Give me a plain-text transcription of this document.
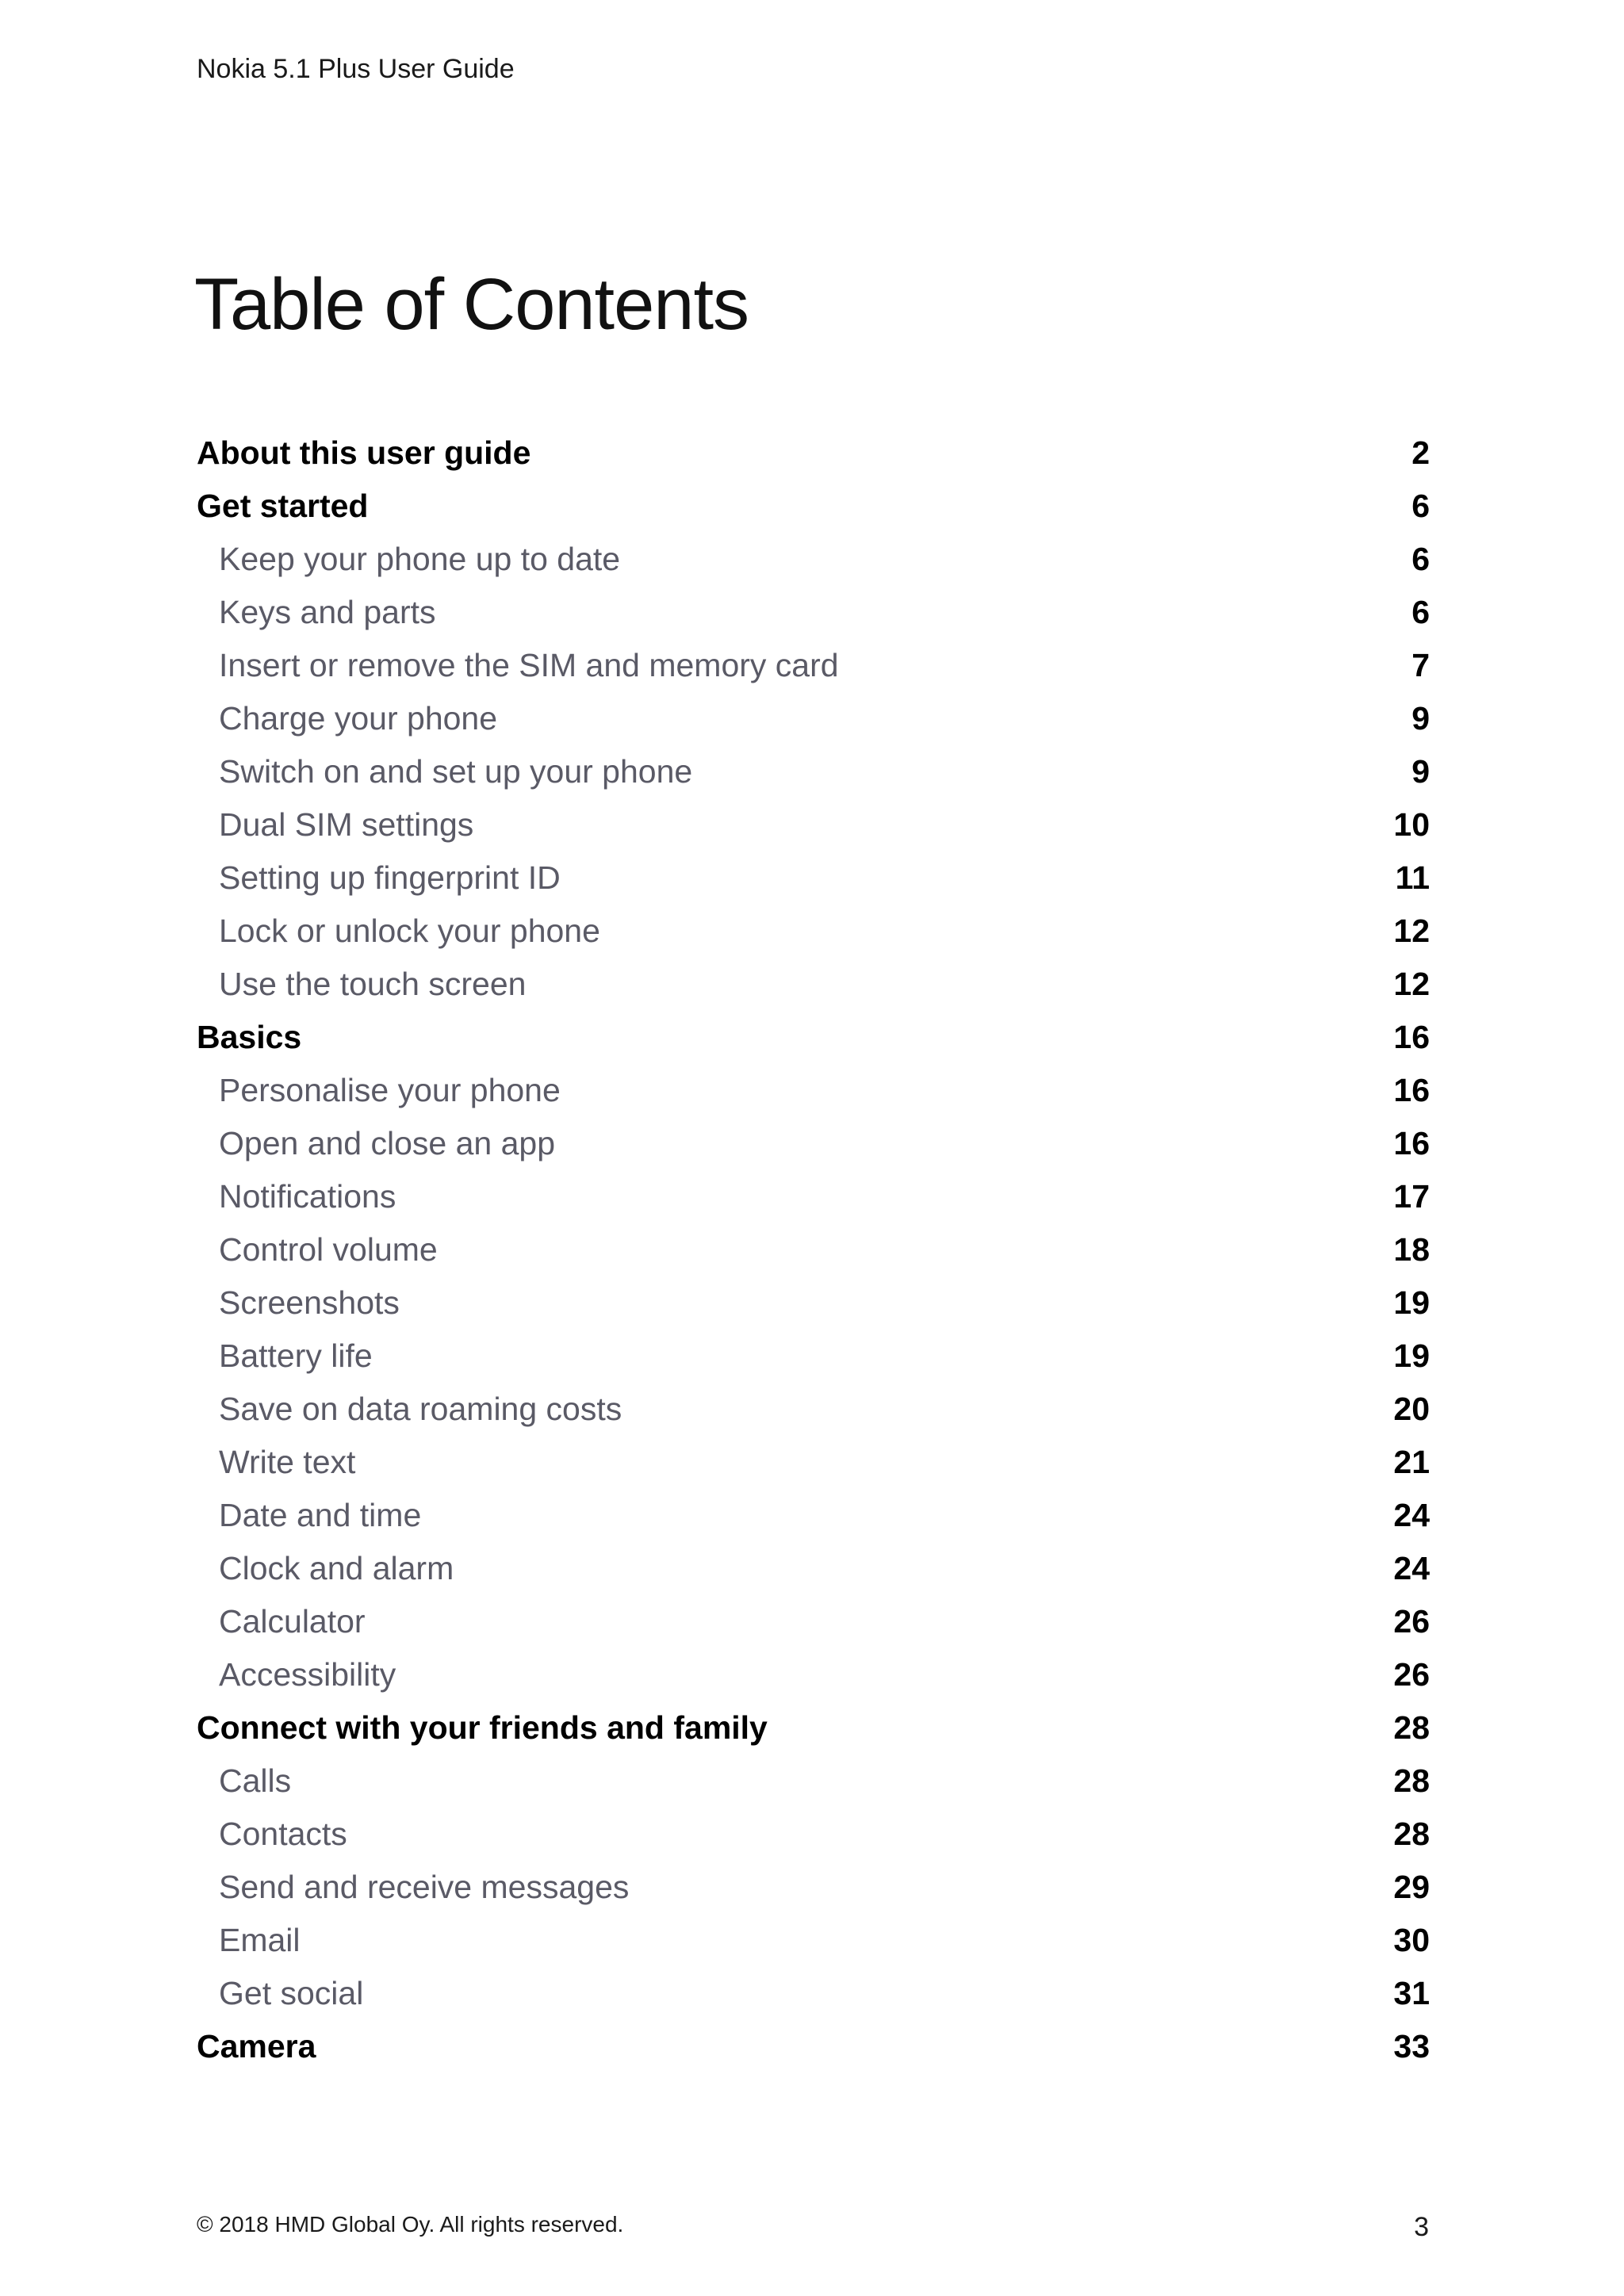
Nokia 5.1 Plus User Guide
Table of Contents
About this user guide	2
Get started	6
Keep your phone up to date	6
Keys and parts	6
Insert or remove the SIM and memory card	7
Charge your phone	9
Switch on and set up your phone	9
Dual SIM settings	10
Setting up fingerprint ID	11
Lock or unlock your phone	12
Use the touch screen	12
Basics	16
Personalise your phone	16
Open and close an app	16
Notifications	17
Control volume	18
Screenshots	19
Battery life	19
Save on data roaming costs	20
Write text	21
Date and time	24
Clock and alarm	24
Calculator	26
Accessibility	26
Connect with your friends and family	28
Calls	28
Contacts	28
Send and receive messages	29
Email	30
Get social	31
Camera	33
© 2018 HMD Global Oy. All rights reserved.	3
